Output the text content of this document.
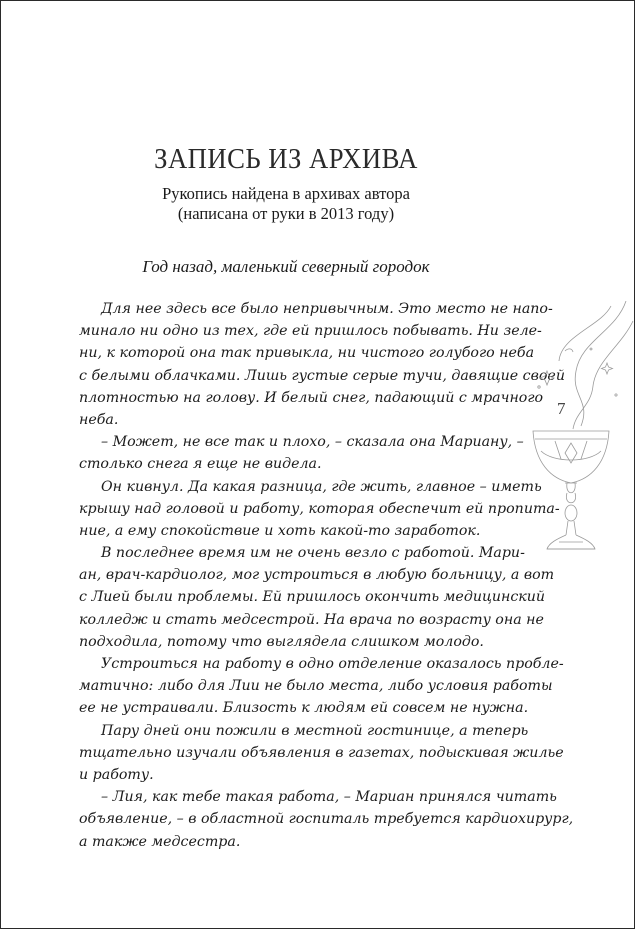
ЗАПИСЬ ИЗ АРХИВА
Рукопись найдена в архивах автора
(написана от руки в 2013 году)
Год назад, маленький северный городок
Для нее здесь все было непривычным. Это место не напо-
минало ни одно из тех, где ей пришлось побывать. Ни зеле-
ни, к которой она так привыкла, ни чистого голубого неба
с белыми облачками. Лишь густые серые тучи, давящие своей
плотностью на голову. И белый снег, падающий с мрачного
неба.
– Может, не все так и плохо, – сказала она Мариану, –
столько снега я еще не видела.
Он кивнул. Да какая разница, где жить, главное – иметь
крышу над головой и работу, которая обеспечит ей пропита-
ние, а ему спокойствие и хоть какой-то заработок.
В последнее время им не очень везло с работой. Мари-
ан, врач-кардиолог, мог устроиться в любую больницу, а вот
с Лией были проблемы. Ей пришлось окончить медицинский
колледж и стать медсестрой. На врача по возрасту она не
подходила, потому что выглядела слишком молодо.
Устроиться на работу в одно отделение оказалось пробле-
матично: либо для Лии не было места, либо условия работы
ее не устраивали. Близость к людям ей совсем не нужна.
Пару дней они пожили в местной гостинице, а теперь
тщательно изучали объявления в газетах, подыскивая жилье
и работу.
– Лия, как тебе такая работа, – Мариан принялся читать
объявление, – в областной госпиталь требуется кардиохирург,
а также медсестра.
7
